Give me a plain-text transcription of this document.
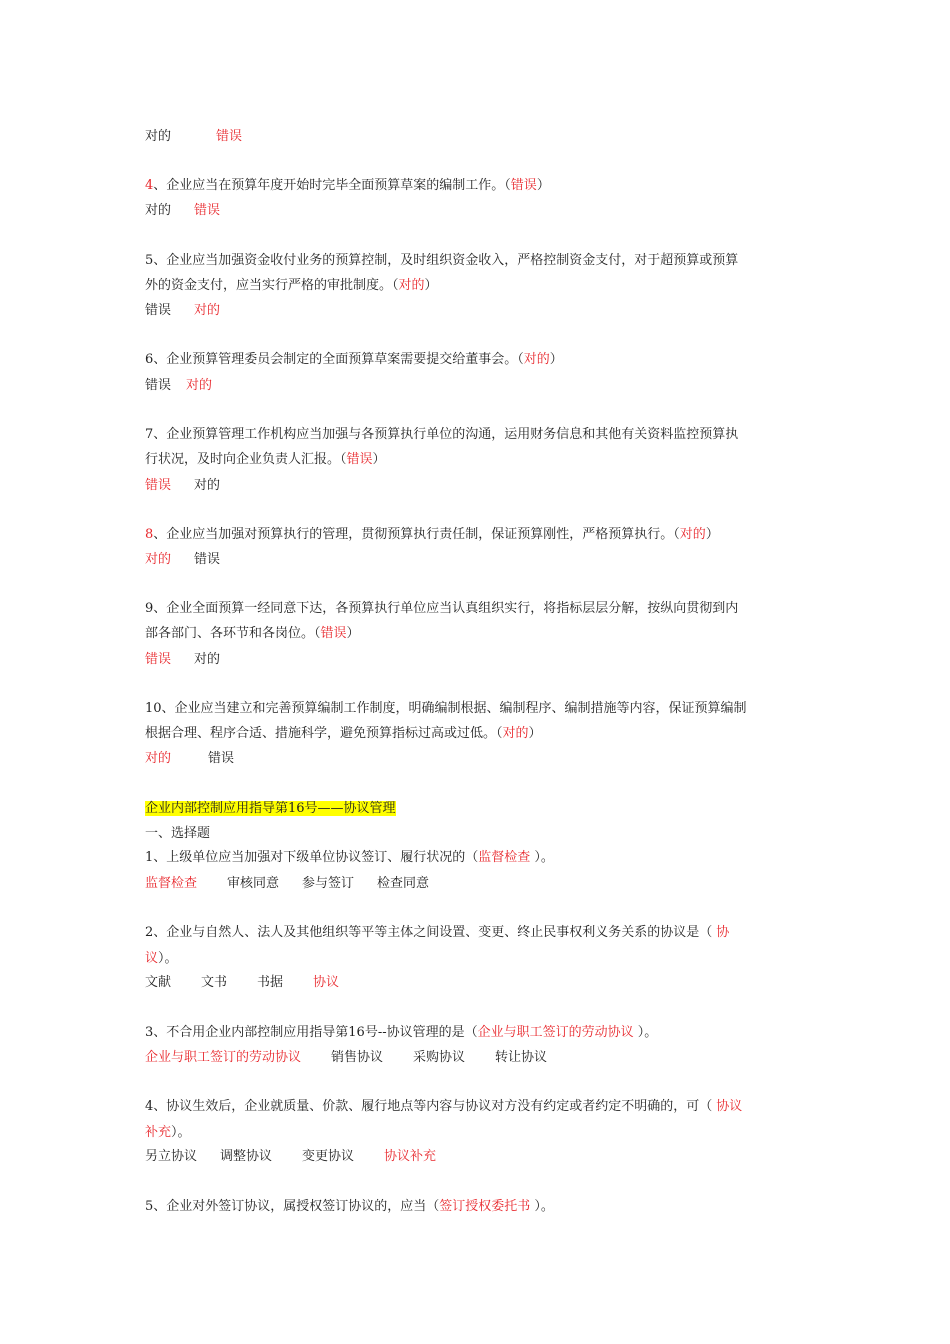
对的	错误
4、企业应当在预算年度开始时完毕全面预算草案的编制工作。（错误）
对的 错误
5、企业应当加强资金收付业务的预算控制，及时组织资金收入，严格控制资金支付，对于超预算或预算
外的资金支付，应当实行严格的审批制度。（对的）
错误 对的
6、企业预算管理委员会制定的全面预算草案需要提交给董事会。（对的）
错误 对的
7、企业预算管理工作机构应当加强与各预算执行单位的沟通，运用财务信息和其他有关资料监控预算执
行状况，及时向企业负责人汇报。（错误）
错误 对的
8、企业应当加强对预算执行的管理，贯彻预算执行责任制，保证预算刚性，严格预算执行。（对的）
对的 错误
9、企业全面预算一经同意下达，各预算执行单位应当认真组织实行，将指标层层分解，按纵向贯彻到内
部各部门、各环节和各岗位。（错误）
错误 对的
10、企业应当建立和完善预算编制工作制度，明确编制根据、编制程序、编制措施等内容，保证预算编制
根据合理、程序合适、措施科学，避免预算指标过高或过低。（对的）
对的	错误
企业内部控制应用指导第16号——协议管理
一、选择题
1、上级单位应当加强对下级单位协议签订、履行状况的（监督检查 ）。
监督检查 审核同意 参与签订 检查同意
2、企业与自然人、法人及其他组织等平等主体之间设置、变更、终止民事权利义务关系的协议是（ 协
议）。
文献 文书 书据 协议
3、不合用企业内部控制应用指导第16号--协议管理的是（企业与职工签订的劳动协议 ）。
企业与职工签订的劳动协议 销售协议 采购协议 转让协议
4、协议生效后，企业就质量、价款、履行地点等内容与协议对方没有约定或者约定不明确的，可（ 协议
补充）。
另立协议 调整协议 变更协议 协议补充
5、企业对外签订协议，属授权签订协议的，应当（签订授权委托书 ）。
